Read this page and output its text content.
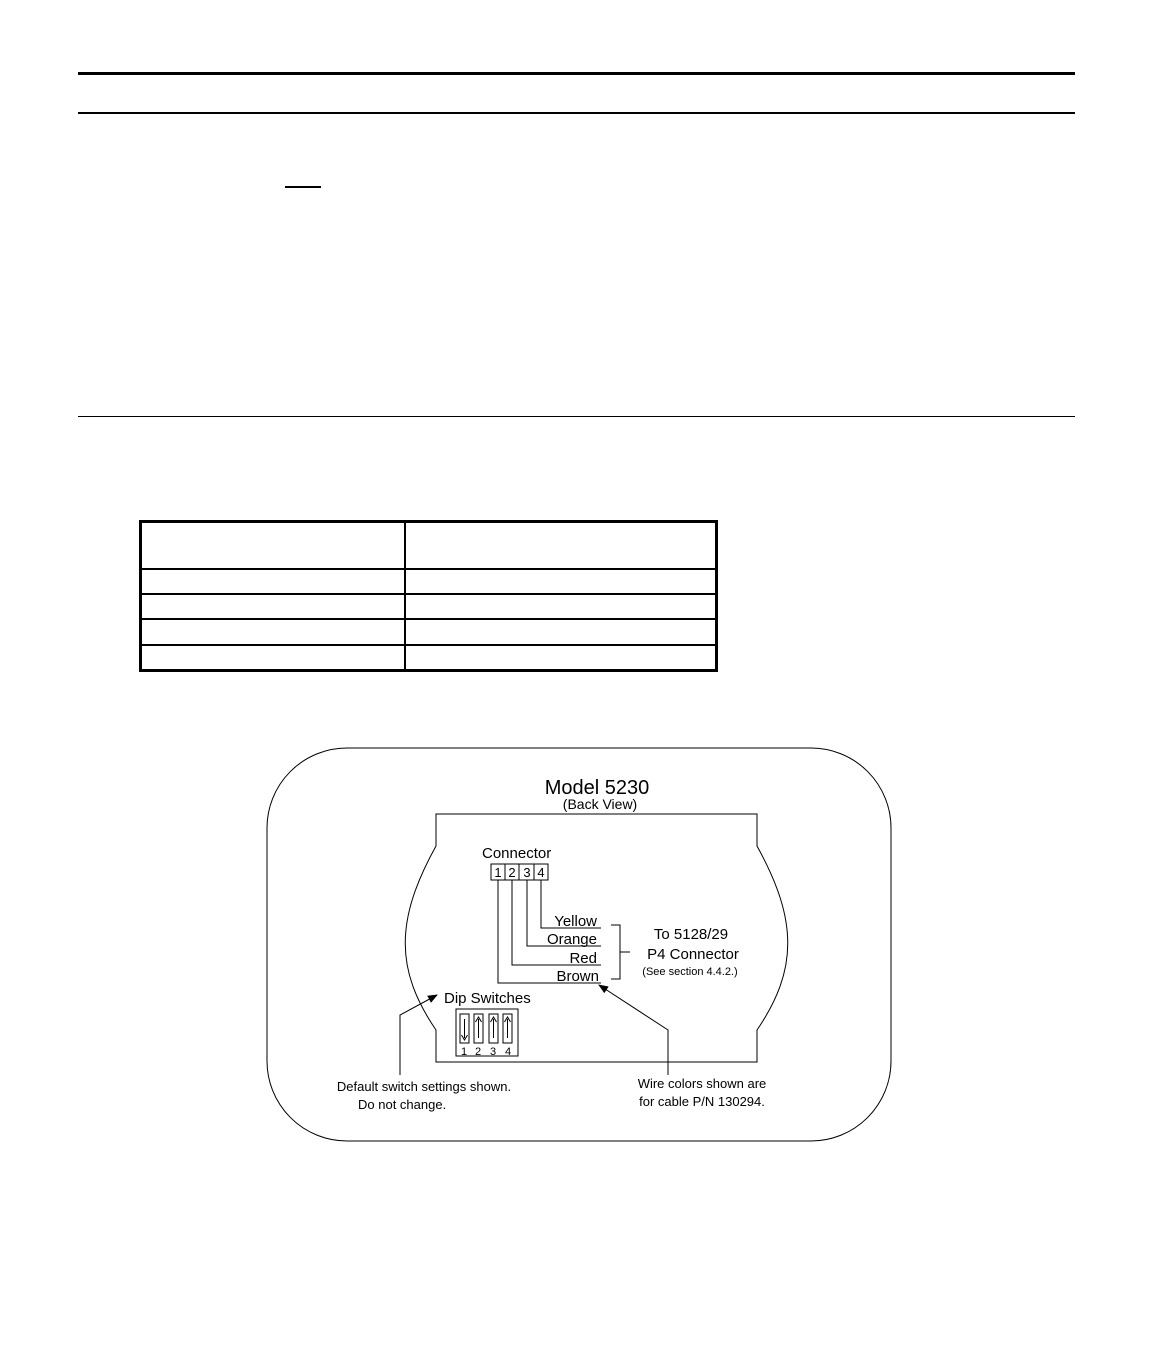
Model 5230
(Back View)
Connector
1 2 3 4
Yellow
Orange
Red
Brown
To 5128/29
P4 Connector
(See section 4.4.2.)
Dip Switches
1 2 3 4
Default switch settings shown.
Do not change.
Wire colors shown are
for cable P/N 130294.
